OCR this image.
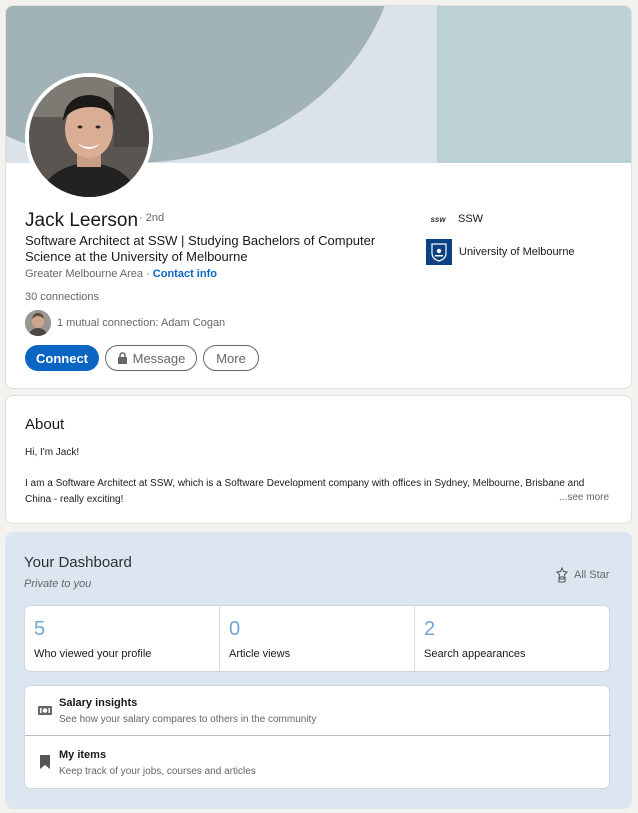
Jack Leerson · 2nd
Software Architect at SSW | Studying Bachelors of Computer Science at the University of Melbourne
Greater Melbourne Area · Contact info
30 connections
1 mutual connection: Adam Cogan
Connect	Message	More
ssw	SSW
University of Melbourne
About
Hi, I'm Jack!
I am a Software Architect at SSW, which is a Software Development company with offices in Sydney, Melbourne, Brisbane and China - really exciting!	...see more
Your Dashboard
Private to you
All Star
5
Who viewed your profile
0
Article views
2
Search appearances
Salary insights
See how your salary compares to others in the community
My items
Keep track of your jobs, courses and articles
